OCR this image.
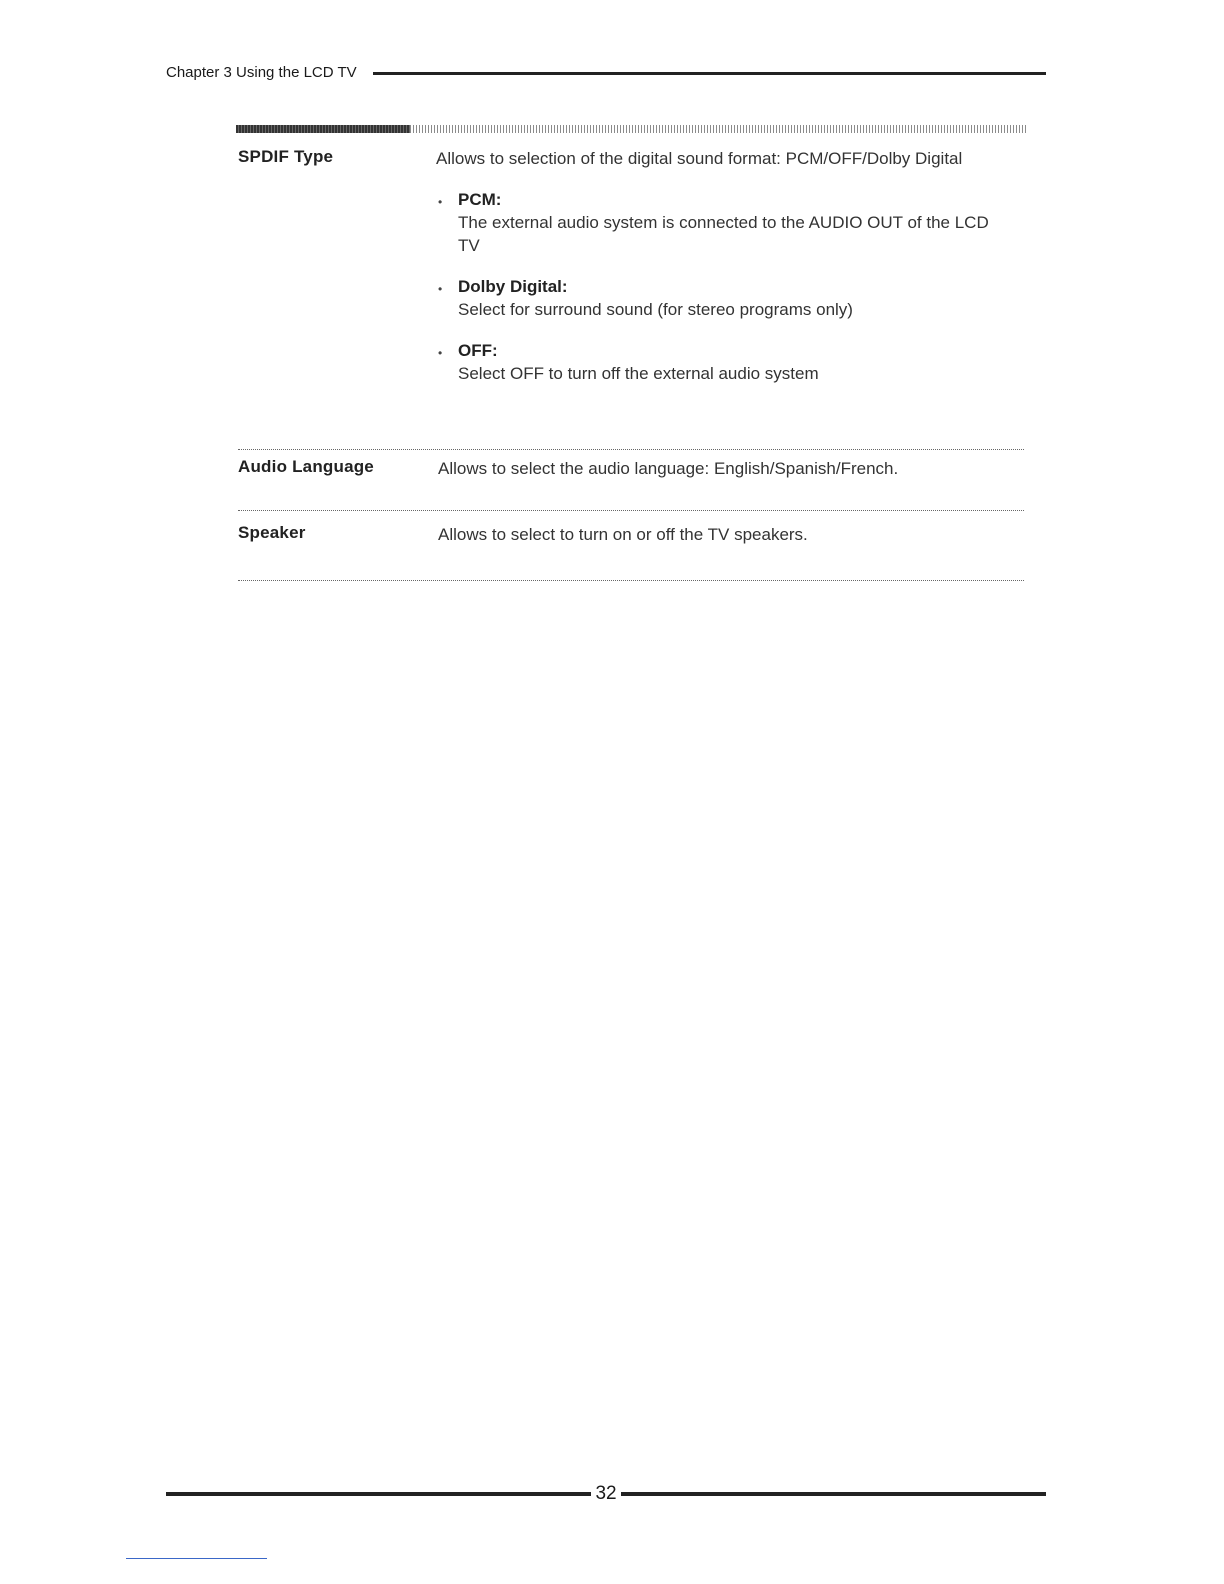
Chapter 3 Using the LCD TV
SPDIF Type	Allows to selection of the digital sound format: PCM/OFF/Dolby Digital
• PCM:
The external audio system is connected to the AUDIO OUT of the LCD TV
• Dolby Digital:
Select for surround sound (for stereo programs only)
• OFF:
Select OFF to turn off the external audio system
Audio Language	Allows to select the audio language: English/Spanish/French.
Speaker	Allows to select to turn on or off the TV speakers.
32
